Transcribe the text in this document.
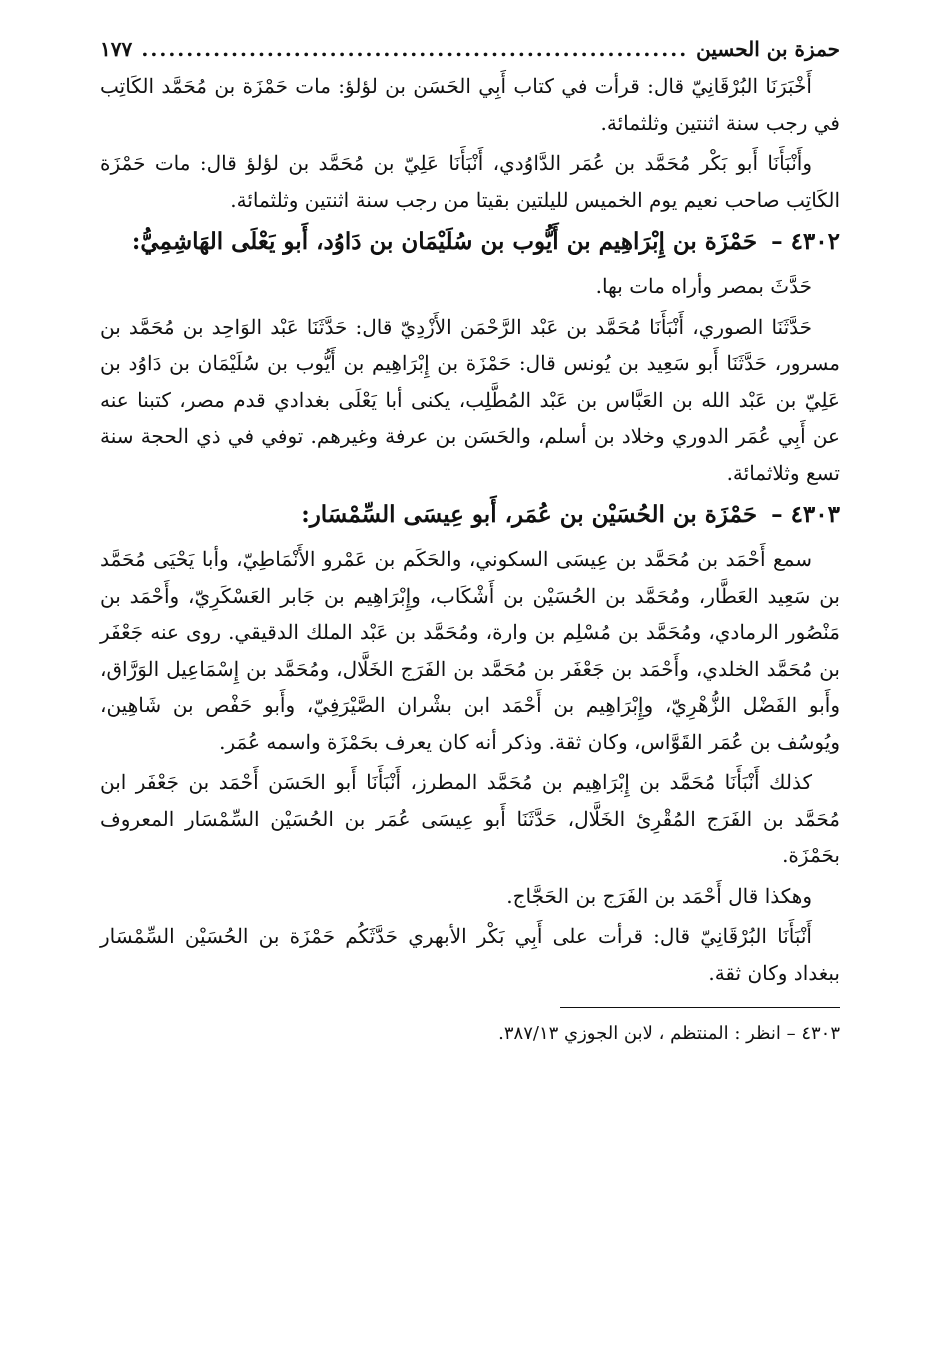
حمزة بن الحسين
.....
١٧٧

أَخْبَرَنَا البُرْقَانِيّ قال: قرأت في كتاب أَبِي الحَسَن بن لؤلؤ: مات حَمْزَة بن مُحَمَّد الكَاتِب في رجب سنة اثنتين وثلثمائة.

وأَنْبَأَنَا أَبو بَكْر مُحَمَّد بن عُمَر الدَّاوُدي، أَنْبَأَنَا عَلِيّ بن مُحَمَّد بن لؤلؤ قال: مات حَمْزَة الكَاتِب صاحب نعيم يوم الخميس لليلتين بقيتا من رجب سنة اثنتين وثلثمائة.

٤٣٠٢ – حَمْزَة بن إِبْرَاهِيم بن أَيُّوب بن سُلَيْمَان بن دَاوُد، أَبو يَعْلَى الهَاشِمِيُّ:

حَدَّثَ بمصر وأراه مات بها.

حَدَّثَنَا الصوري، أَنْبَأَنَا مُحَمَّد بن عَبْد الرَّحْمَن الأَزْدِيّ قال: حَدَّثَنَا عَبْد الوَاحِد بن مُحَمَّد بن مسرور، حَدَّثَنَا أَبو سَعِيد بن يُونس قال: حَمْزَة بن إِبْرَاهِيم بن أَيُّوب بن سُلَيْمَان بن دَاوُد بن عَلِيّ بن عَبْد الله بن العَبَّاس بن عَبْد المُطَّلِب، يكنى أبا يَعْلَى بغدادي قدم مصر، كتبنا عنه عن أَبِي عُمَر الدوري وخلاد بن أسلم، والحَسَن بن عرفة وغيرهم. توفي في ذي الحجة سنة تسع وثلاثمائة.

٤٣٠٣ – حَمْزَة بن الحُسَيْن بن عُمَر، أَبو عِيسَى السِّمْسَار:

سمع أَحْمَد بن مُحَمَّد بن عِيسَى السكوني، والحَكَم بن عَمْرو الأَنْمَاطِيّ، وأبا يَحْيَى مُحَمَّد بن سَعِيد العَطَّار، ومُحَمَّد بن الحُسَيْن بن أَشْكَاب، وإِبْرَاهِيم بن جَابر العَسْكَرِيّ، وأَحْمَد بن مَنْصُور الرمادي، ومُحَمَّد بن مُسْلِم بن وارة، ومُحَمَّد بن عَبْد الملك الدقيقي. روى عنه جَعْفَر بن مُحَمَّد الخلدي، وأَحْمَد بن جَعْفَر بن مُحَمَّد بن الفَرَج الخَلَّال، ومُحَمَّد بن إِسْمَاعِيل الوَرَّاق، وأَبو الفَضْل الزُّهْرِيّ، وإِبْرَاهِيم بن أَحْمَد ابن بشْران الصَّيْرَفِيّ، وأَبو حَفْص بن شَاهِين، ويُوسُف بن عُمَر القَوَّاس، وكان ثقة. وذكر أنه كان يعرف بحَمْزَة واسمه عُمَر.

كذلك أَنْبَأَنَا مُحَمَّد بن إِبْرَاهِيم بن مُحَمَّد المطرز، أَنْبَأَنَا أَبو الحَسَن أَحْمَد بن جَعْفَر ابن مُحَمَّد بن الفَرَج المُقْرِئ الخَلَّال، حَدَّثَنَا أَبو عِيسَى عُمَر بن الحُسَيْن السِّمْسَار المعروف بحَمْزَة.

وهكذا قال أَحْمَد بن الفَرَج بن الحَجَّاج.

أَنْبَأَنَا البُرْقَانِيّ قال: قرأت على أَبِي بَكْر الأبهري حَدَّثَكُم حَمْزَة بن الحُسَيْن السِّمْسَار ببغداد وكان ثقة.

٤٣٠٣ – انظر : المنتظم ، لابن الجوزي ٣٨٧/١٣.
